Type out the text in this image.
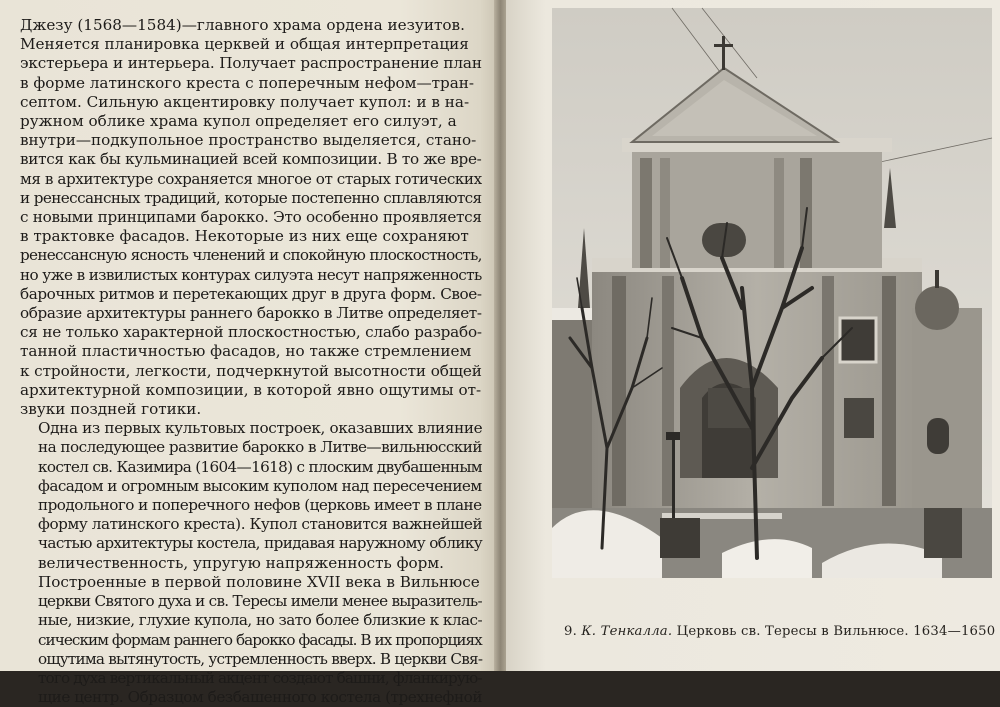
Джезу (1568—1584)—главного храма ордена иезуитов.
Меняется планировка церквей и общая интерпретация
экстерьера и интерьера. Получает распространение план
в форме латинского креста с поперечным нефом—тран-
септом. Сильную акцентировку получает купол: и в на-
ружном облике храма купол определяет его силуэт, а
внутри—подкупольное пространство выделяется, стано-
вится как бы кульминацией всей композиции. В то же вре-
мя в архитектуре сохраняется многое от старых готических
и ренессансных традиций, которые постепенно сплавляются
с новыми принципами барокко. Это особенно проявляется
в трактовке фасадов. Некоторые из них еще сохраняют
ренессансную ясность членений и спокойную плоскостность,
но уже в извилистых контурах силуэта несут напряженность
барочных ритмов и перетекающих друг в друга форм. Свое-
образие архитектуры раннего барокко в Литве определяет-
ся не только характерной плоскостностью, слабо разрабо-
танной пластичностью фасадов, но также стремлением
к стройности, легкости, подчеркнутой высотности общей
архитектурной композиции, в которой явно ощутимы от-
звуки поздней готики.

Одна из первых культовых построек, оказавших влияние
на последующее развитие барокко в Литве—вильнюсский
костел св. Казимира (1604—1618) с плоским двубашенным
фасадом и огромным высоким куполом над пересечением
продольного и поперечного нефов (церковь имеет в плане
форму латинского креста). Купол становится важнейшей
частью архитектуры костела, придавая наружному облику
величественность, упругую напряженность форм.

Построенные в первой половине XVII века в Вильнюсе
церкви Святого духа и св. Тересы имели менее выразитель-
ные, низкие, глухие купола, но зато более близкие к клас-
сическим формам раннего барокко фасады. В их пропорциях
ощутима вытянутость, устремленность вверх. В церкви Свя-
того духа вертикальный акцент создают башни, фланкирую-
щие центр. Образцом безбашенного костела (трехнефной

9. К. Тенкалла. Церковь св. Тересы в Вильнюсе. 1634—1650
